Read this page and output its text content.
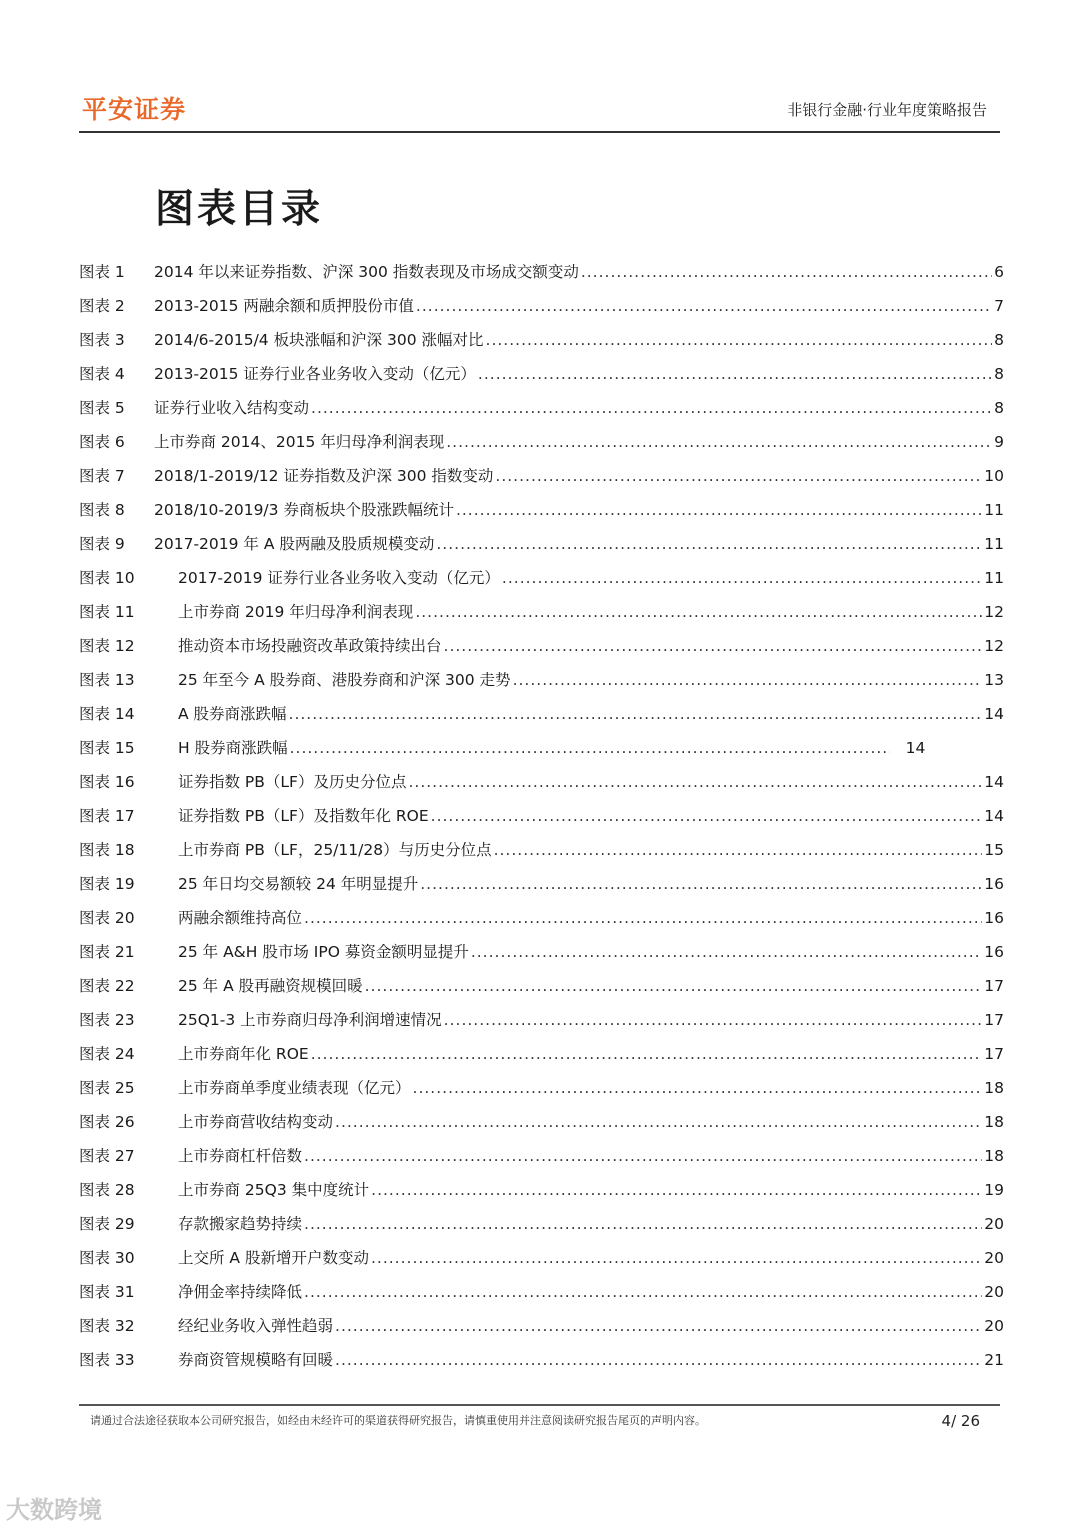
平安证券	非银行金融·行业年度策略报告
图表目录
图表 1	2014 年以来证券指数、沪深 300 指数表现及市场成交额变动 .....	6
图表 2	2013-2015 两融余额和质押股份市值 .....	7
图表 3	2014/6-2015/4 板块涨幅和沪深 300 涨幅对比 .....	8
图表 4	2013-2015 证券行业各业务收入变动（亿元） .....	8
图表 5	证券行业收入结构变动 .....	8
图表 6	上市券商 2014、2015 年归母净利润表现 .....	9
图表 7	2018/1-2019/12 证券指数及沪深 300 指数变动 .....	10
图表 8	2018/10-2019/3 券商板块个股涨跌幅统计 .....	11
图表 9	2017-2019 年 A 股两融及股质规模变动 .....	11
图表 10	2017-2019 证券行业各业务收入变动（亿元） .....	11
图表 11	上市券商 2019 年归母净利润表现 .....	12
图表 12	推动资本市场投融资改革政策持续出台 .....	12
图表 13	25 年至今 A 股券商、港股券商和沪深 300 走势 .....	13
图表 14	A 股券商涨跌幅 .....	14
图表 15	H 股券商涨跌幅 .....	14
图表 16	证券指数 PB（LF）及历史分位点 .....	14
图表 17	证券指数 PB（LF）及指数年化 ROE .....	14
图表 18	上市券商 PB（LF，25/11/28）与历史分位点 .....	15
图表 19	25 年日均交易额较 24 年明显提升 .....	16
图表 20	两融余额维持高位 .....	16
图表 21	25 年 A&H 股市场 IPO 募资金额明显提升 .....	16
图表 22	25 年 A 股再融资规模回暖 .....	17
图表 23	25Q1-3 上市券商归母净利润增速情况 .....	17
图表 24	上市券商年化 ROE .....	17
图表 25	上市券商单季度业绩表现（亿元） .....	18
图表 26	上市券商营收结构变动 .....	18
图表 27	上市券商杠杆倍数 .....	18
图表 28	上市券商 25Q3 集中度统计 .....	19
图表 29	存款搬家趋势持续 .....	20
图表 30	上交所 A 股新增开户数变动 .....	20
图表 31	净佣金率持续降低 .....	20
图表 32	经纪业务收入弹性趋弱 .....	20
图表 33	券商资管规模略有回暖 .....	21
请通过合法途径获取本公司研究报告，如经由未经许可的渠道获得研究报告，请慎重使用并注意阅读研究报告尾页的声明内容。	4/ 26
大数跨境
